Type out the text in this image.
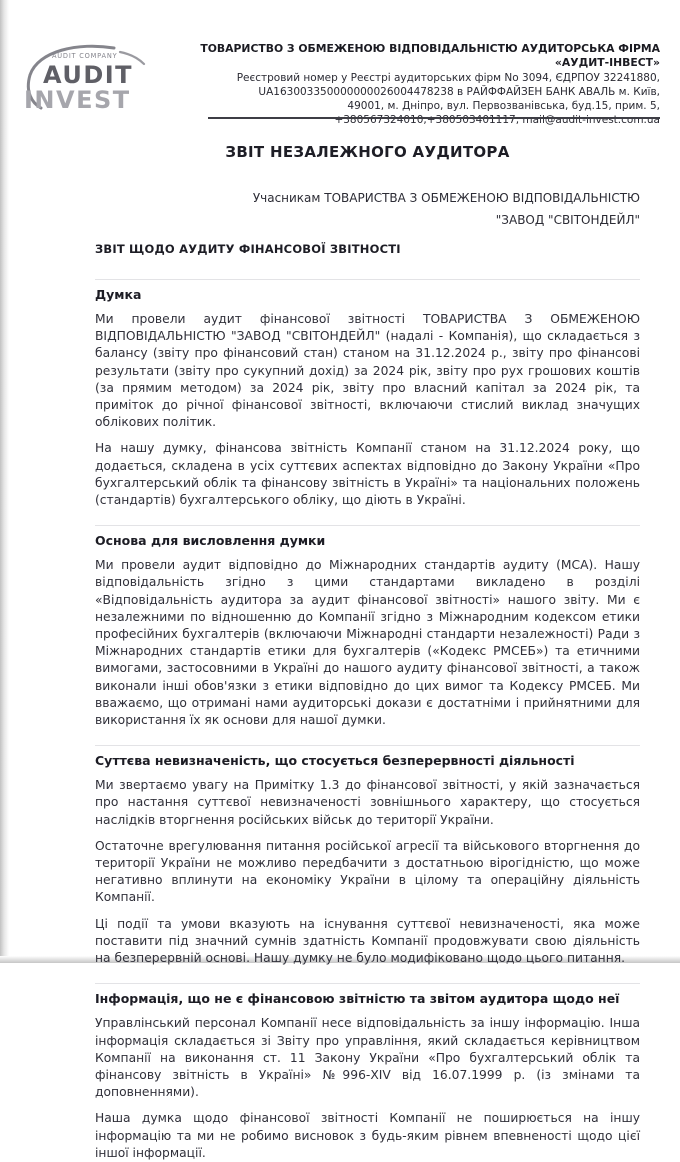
AUDIT COMPANY
AUDIT
INVEST
ТОВАРИСТВО З ОБМЕЖЕНОЮ ВІДПОВІДАЛЬНІСТЮ АУДИТОРСЬКА ФІРМА «АУДИТ-ІНВЕСТ»
Реєстровий номер у Реєстрі аудиторських фірм No 3094, ЄДРПОУ 32241880,
UA163003350000000026004478238 в РАЙФФАЙЗЕН БАНК АВАЛЬ м. Київ,
49001, м. Дніпро, вул. Первозванівська, буд.15, прим. 5,
+380567324010,+380503401117, mail@audit-invest.com.ua
ЗВІТ НЕЗАЛЕЖНОГО АУДИТОРА
Учасникам ТОВАРИСТВА З ОБМЕЖЕНОЮ ВІДПОВІДАЛЬНІСТЮ
"ЗАВОД "СВІТОНДЕЙЛ"
ЗВІТ ЩОДО АУДИТУ ФІНАНСОВОЇ ЗВІТНОСТІ
Думка

Ми провели аудит фінансової звітності ТОВАРИСТВА З ОБМЕЖЕНОЮ ВІДПОВІДАЛЬНІСТЮ "ЗАВОД "СВІТОНДЕЙЛ" (надалі - Компанія), що складається з балансу (звіту про фінансовий стан) станом на 31.12.2024 р., звіту про фінансові результати (звіту про сукупний дохід) за 2024 рік, звіту про рух грошових коштів (за прямим методом) за 2024 рік, звіту про власний капітал за 2024 рік, та приміток до річної фінансової звітності, включаючи стислий виклад значущих облікових політик.

На нашу думку, фінансова звітність Компанії станом на 31.12.2024 року, що додається, складена в усіх суттєвих аспектах відповідно до Закону України «Про бухгалтерський облік та фінансову звітність в Україні» та національних положень (стандартів) бухгалтерського обліку, що діють в Україні.

Основа для висловлення думки

Ми провели аудит відповідно до Міжнародних стандартів аудиту (МСА). Нашу відповідальність згідно з цими стандартами викладено в розділі «Відповідальність аудитора за аудит фінансової звітності» нашого звіту. Ми є незалежними по відношенню до Компанії згідно з Міжнародним кодексом етики професійних бухгалтерів (включаючи Міжнародні стандарти незалежності) Ради з Міжнародних стандартів етики для бухгалтерів («Кодекс РМСЕБ») та етичними вимогами, застосовними в Україні до нашого аудиту фінансової звітності, а також виконали інші обов'язки з етики відповідно до цих вимог та Кодексу РМСЕБ. Ми вважаємо, що отримані нами аудиторські докази є достатніми і прийнятними для використання їх як основи для нашої думки.

Суттєва невизначеність, що стосується безперервності діяльності

Ми звертаємо увагу на Примітку 1.3 до фінансової звітності, у якій зазначається про настання суттєвої невизначеності зовнішнього характеру, що стосується наслідків вторгнення російських військ до території України.

Остаточне врегулювання питання російської агресії та військового вторгнення до території України не можливо передбачити з достатньою вірогідністю, що може негативно вплинути на економіку України в цілому та операційну діяльність Компанії.

Ці події та умови вказують на існування суттєвої невизначеності, яка може поставити під значний сумнів здатність Компанії продовжувати свою діяльність на безперервній основі. Нашу думку не було модифіковано щодо цього питання.

Інформація, що не є фінансовою звітністю та звітом аудитора щодо неї

Управлінський персонал Компанії несе відповідальність за іншу інформацію. Інша інформація складається зі Звіту про управління, який складається керівництвом Компанії на виконання ст. 11 Закону України «Про бухгалтерський облік та фінансову звітність в Україні» №996-XIV від 16.07.1999 р. (із змінами та доповненнями).

Наша думка щодо фінансової звітності Компанії не поширюється на іншу інформацію та ми не робимо висновок з будь-яким рівнем впевненості щодо цієї іншої інформації.
